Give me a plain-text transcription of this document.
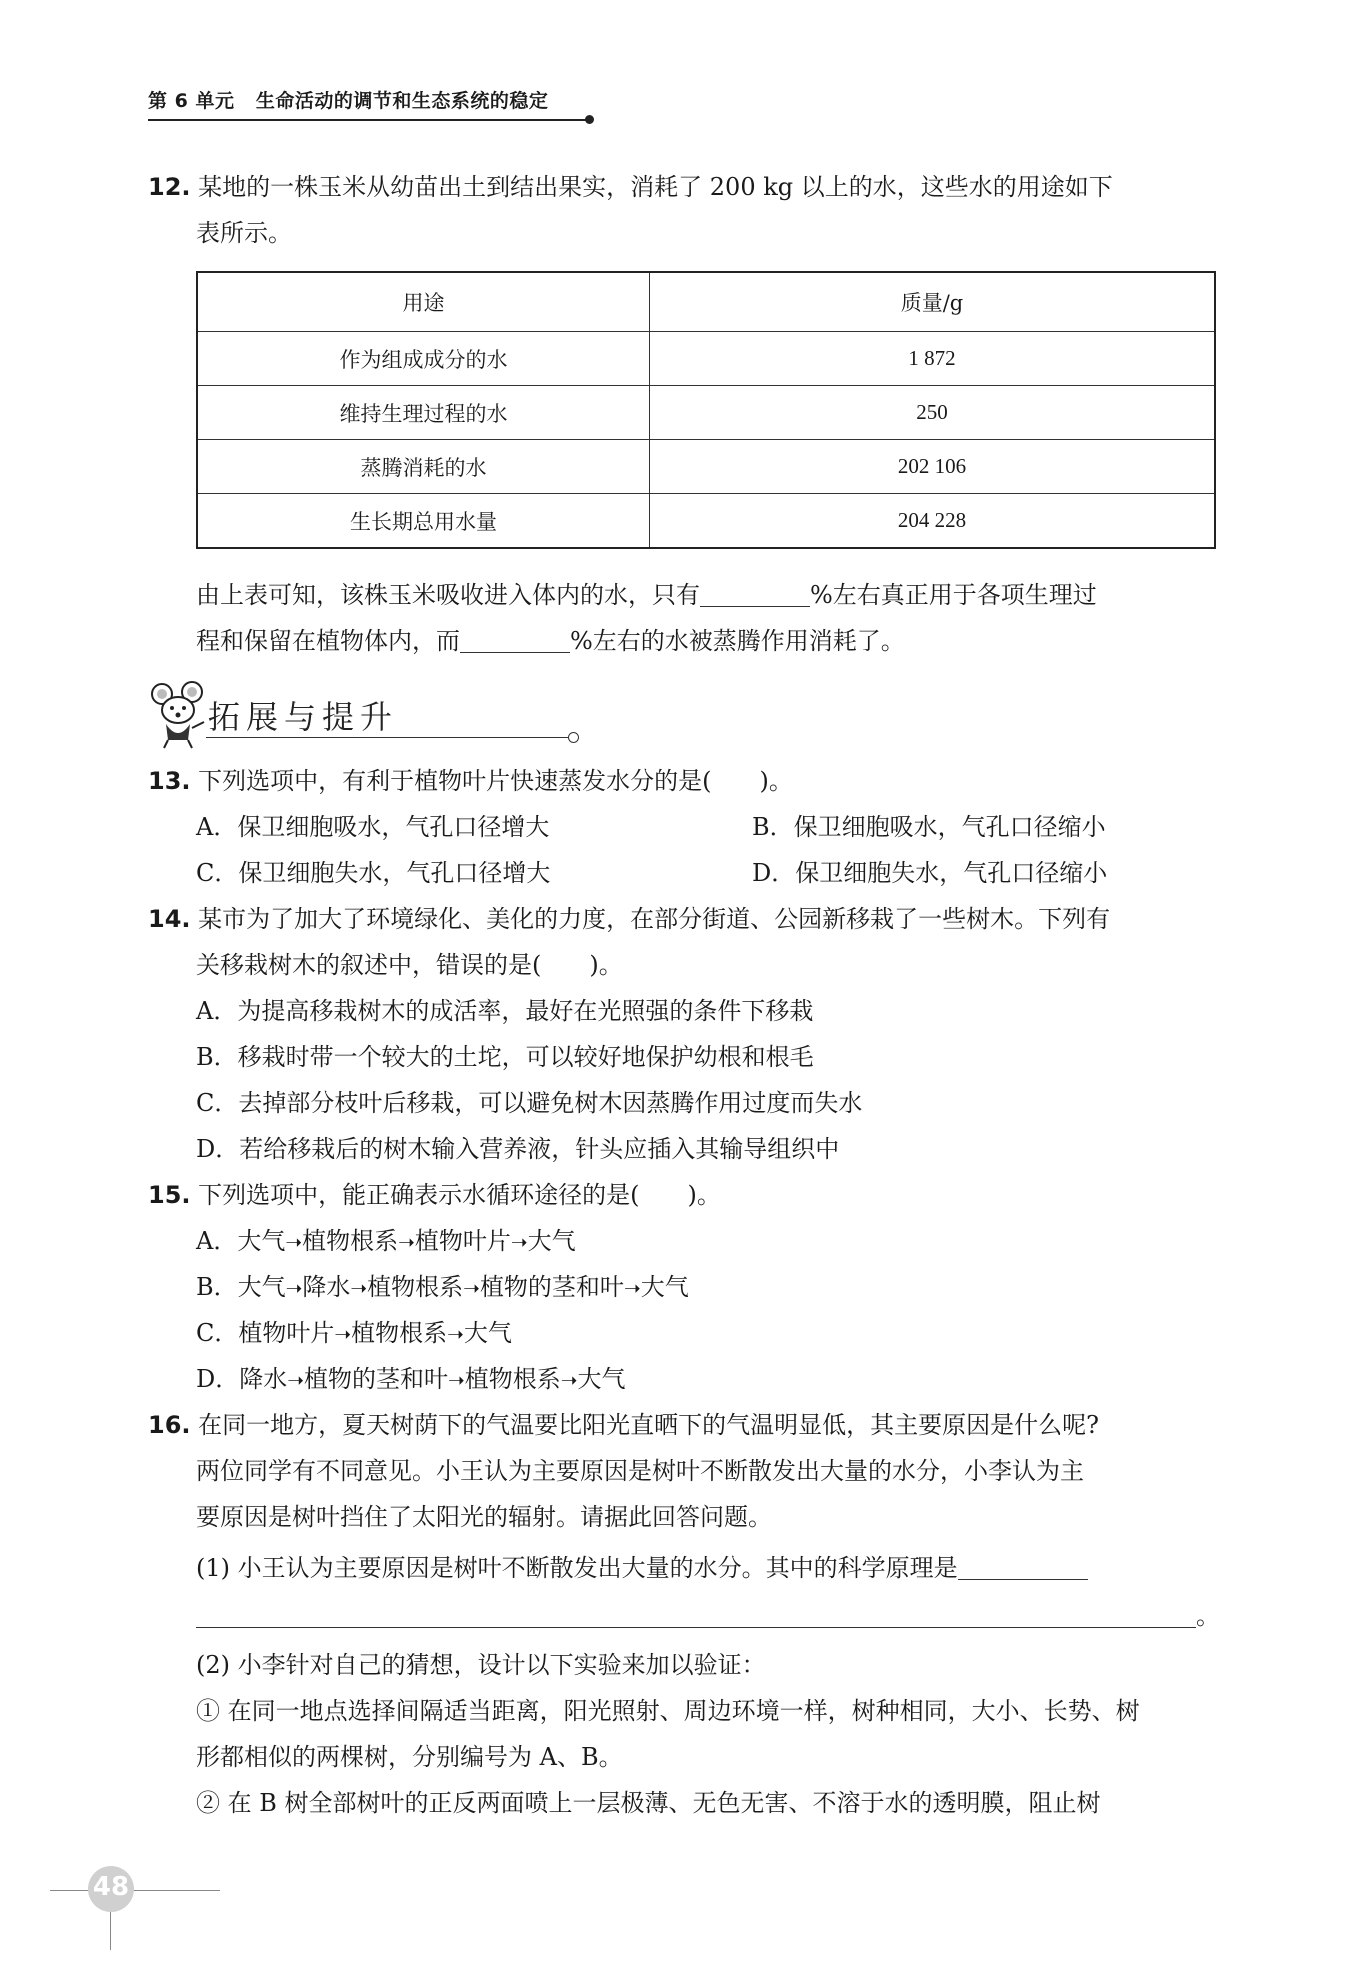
第 6 单元 生命活动的调节和生态系统的稳定
12. 某地的一株玉米从幼苗出土到结出果实，消耗了 200 kg 以上的水，这些水的用途如下
表所示。
用途	质量/g
作为组成成分的水	1 872
维持生理过程的水	250
蒸腾消耗的水	202 106
生长期总用水量	204 228
由上表可知，该株玉米吸收进入体内的水，只有	%左右真正用于各项生理过
程和保留在植物体内，而	%左右的水被蒸腾作用消耗了。
拓展与提升
13. 下列选项中，有利于植物叶片快速蒸发水分的是(　　)。
A．保卫细胞吸水，气孔口径增大	B．保卫细胞吸水，气孔口径缩小
C．保卫细胞失水，气孔口径增大	D．保卫细胞失水，气孔口径缩小
14. 某市为了加大了环境绿化、美化的力度，在部分街道、公园新移栽了一些树木。下列有
关移栽树木的叙述中，错误的是(　　)。
A．为提高移栽树木的成活率，最好在光照强的条件下移栽
B．移栽时带一个较大的土坨，可以较好地保护幼根和根毛
C．去掉部分枝叶后移栽，可以避免树木因蒸腾作用过度而失水
D．若给移栽后的树木输入营养液，针头应插入其输导组织中
15. 下列选项中，能正确表示水循环途径的是(　　)。
A．大气➝植物根系➝植物叶片➝大气
B．大气➝降水➝植物根系➝植物的茎和叶➝大气
C．植物叶片➝植物根系➝大气
D．降水➝植物的茎和叶➝植物根系➝大气
16. 在同一地方，夏天树荫下的气温要比阳光直晒下的气温明显低，其主要原因是什么呢?
两位同学有不同意见。小王认为主要原因是树叶不断散发出大量的水分，小李认为主
要原因是树叶挡住了太阳光的辐射。请据此回答问题。
(1) 小王认为主要原因是树叶不断散发出大量的水分。其中的科学原理是
。
(2) 小李针对自己的猜想，设计以下实验来加以验证：
① 在同一地点选择间隔适当距离，阳光照射、周边环境一样，树种相同，大小、长势、树
形都相似的两棵树，分别编号为 A、B。
② 在 B 树全部树叶的正反两面喷上一层极薄、无色无害、不溶于水的透明膜，阻止树
48
